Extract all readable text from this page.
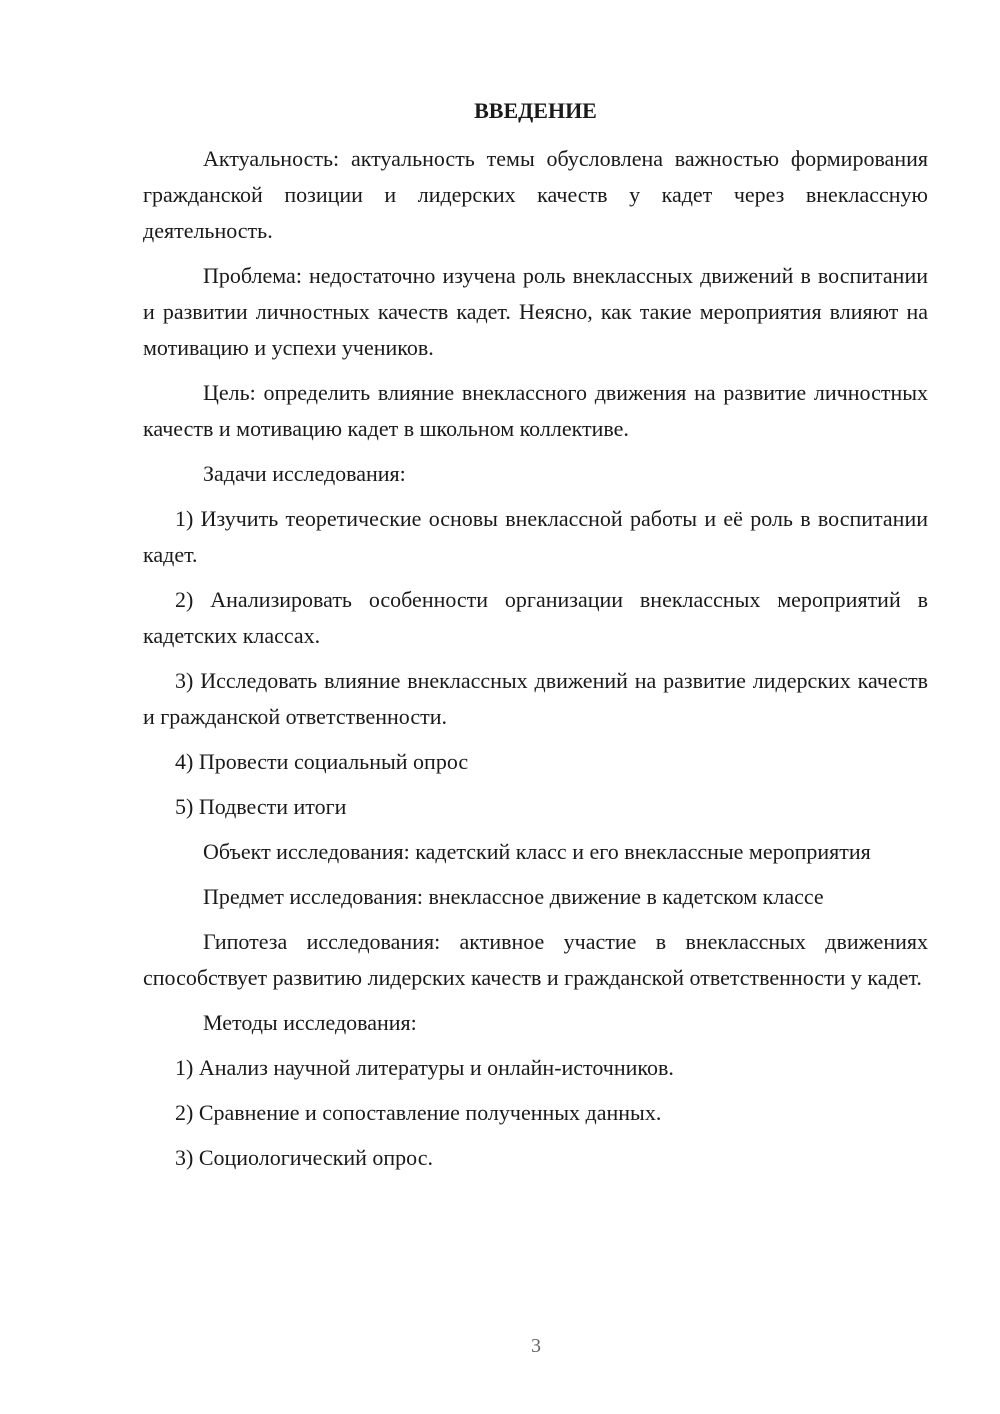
ВВЕДЕНИЕ

Актуальность: актуальность темы обусловлена важностью формирования гражданской позиции и лидерских качеств у кадет через внеклассную деятельность.

Проблема: недостаточно изучена роль внеклассных движений в воспитании и развитии личностных качеств кадет. Неясно, как такие мероприятия влияют на мотивацию и успехи учеников.

Цель: определить влияние внеклассного движения на развитие личностных качеств и мотивацию кадет в школьном коллективе.

Задачи исследования:

1) Изучить теоретические основы внеклассной работы и её роль в воспитании кадет.

2) Анализировать особенности организации внеклассных мероприятий в кадетских классах.

3) Исследовать влияние внеклассных движений на развитие лидерских качеств и гражданской ответственности.

4) Провести социальный опрос

5) Подвести итоги

Объект исследования: кадетский класс и его внеклассные мероприятия

Предмет исследования: внеклассное движение в кадетском классе

Гипотеза исследования: активное участие в внеклассных движениях способствует развитию лидерских качеств и гражданской ответственности у кадет.

Методы исследования:

1) Анализ научной литературы и онлайн-источников.

2) Сравнение и сопоставление полученных данных.

3) Социологический опрос.

3
